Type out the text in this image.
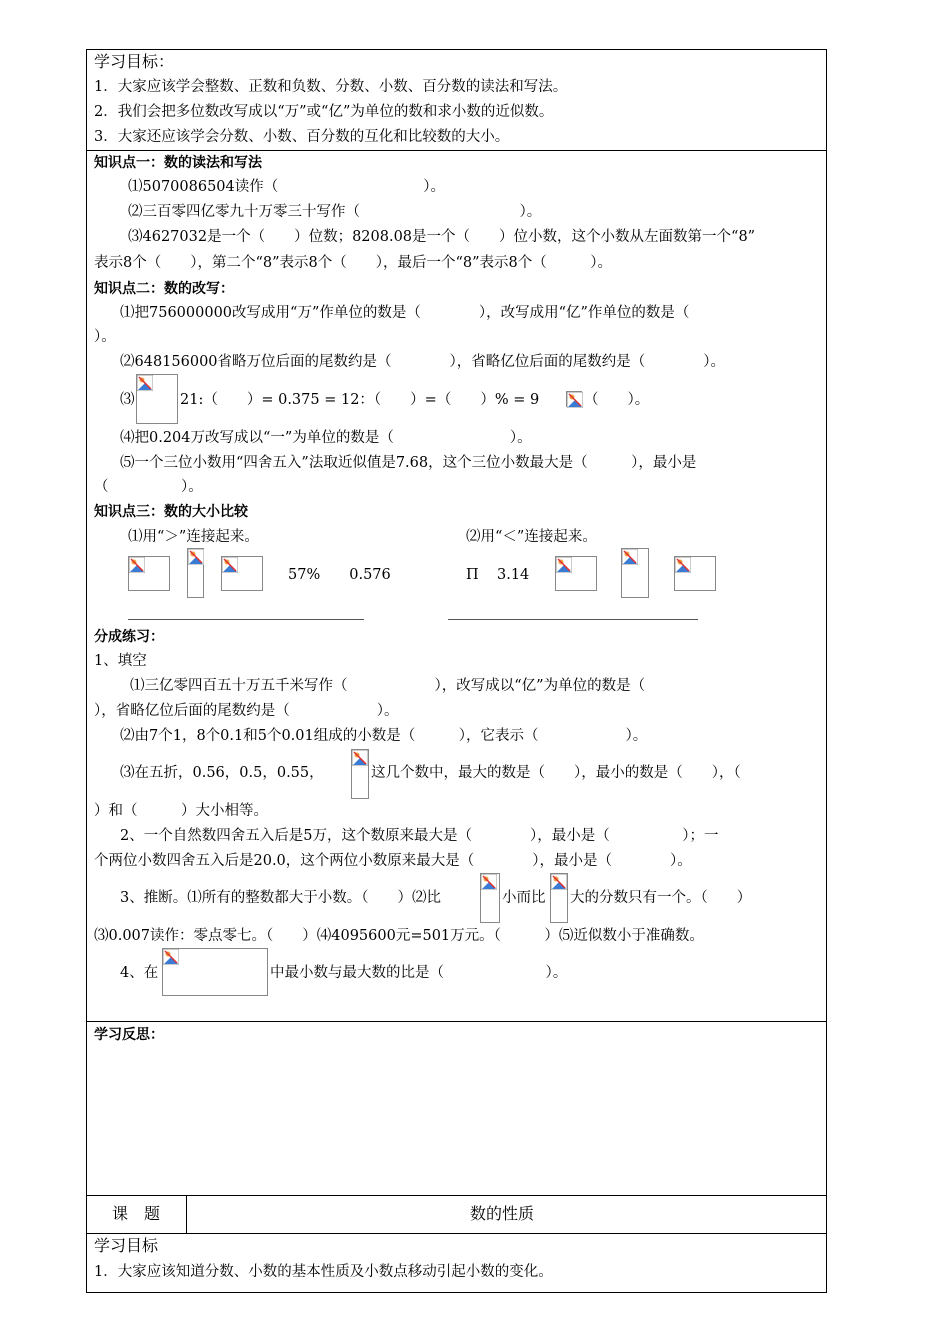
学习目标：
1．大家应该学会整数、正数和负数、分数、小数、百分数的读法和写法。
2．我们会把多位数改写成以“万”或“亿”为单位的数和求小数的近似数。
3．大家还应该学会分数、小数、百分数的互化和比较数的大小。
知识点一：数的读法和写法
⑴5070086504读作（　　　　　　　　　　）。
⑵三百零四亿零九十万零三十写作（　　　　　　　　　　　）。
⑶4627032是一个（　　）位数；8208.08是一个（　　）位小数，这个小数从左面数第一个“8”
表示8个（　　），第二个“8”表示8个（　　），最后一个“8”表示8个（　　　）。
知识点二：数的改写：
⑴把756000000改写成用“万”作单位的数是（　　　　），改写成用“亿”作单位的数是（
）。
⑵648156000省略万位后面的尾数约是（　　　　），省略亿位后面的尾数约是（　　　　）。
⑶	21:（　　）= 0.375 = 12：（　　）=（　　）% = 9	（　　）。
⑷把0.204万改写成以“一”为单位的数是（　　　　　　　　）。
⑸一个三位小数用“四舍五入”法取近似值是7.68，这个三位小数最大是（　　　），最小是
（　　　　　）。
知识点三：数的大小比较
⑴用“＞”连接起来。	⑵用“＜”连接起来。
57%　　0.576	Π 3.14
分成练习：
1、填空
⑴三亿零四百五十万五千米写作（　　　　　　），改写成以“亿”为单位的数是（
），省略亿位后面的尾数约是（　　　　　　）。
⑵由7个1，8个0.1和5个0.01组成的小数是（　　　），它表示（　　　　　　）。
⑶在五折，0.56，0.5，0.55，	这几个数中，最大的数是（　　），最小的数是（　　），（
）和（　　　）大小相等。
2、一个自然数四舍五入后是5万，这个数原来最大是（　　　　），最小是（　　　　　）；一
个两位小数四舍五入后是20.0，这个两位小数原来最大是（　　　　），最小是（　　　　）。
3、推断。⑴所有的整数都大于小数。（　　）⑵比	小而比 大的分数只有一个。（　　）
⑶0.007读作：零点零七。（　　）⑷4095600元=501万元。（　　　）⑸近似数小于准确数。
4、在	中最小数与最大数的比是（　　　　　　　）。
学习反思：
课　题	数的性质
学习目标
1．大家应该知道分数、小数的基本性质及小数点移动引起小数的变化。
